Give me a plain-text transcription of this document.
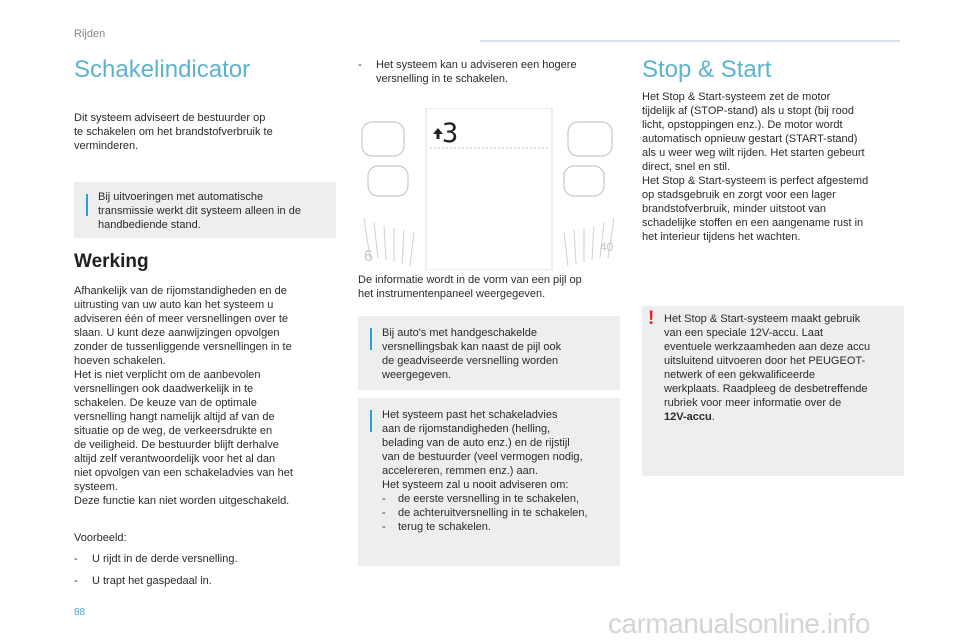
Rijden
Schakelindicator
Dit systeem adviseert de bestuurder op
te schakelen om het brandstofverbruik te
verminderen.
Bij uitvoeringen met automatische
transmissie werkt dit systeem alleen in de
handbediende stand.
Werking
Afhankelijk van de rijomstandigheden en de
uitrusting van uw auto kan het systeem u
adviseren één of meer versnellingen over te
slaan. U kunt deze aanwijzingen opvolgen
zonder de tussenliggende versnellingen in te
hoeven schakelen.
Het is niet verplicht om de aanbevolen
versnellingen ook daadwerkelijk in te
schakelen. De keuze van de optimale
versnelling hangt namelijk altijd af van de
situatie op de weg, de verkeersdrukte en
de veiligheid. De bestuurder blijft derhalve
altijd zelf verantwoordelijk voor het al dan
niet opvolgen van een schakeladvies van het
systeem.
Deze functie kan niet worden uitgeschakeld.
Voorbeeld:
- U rijdt in de derde versnelling.
- U trapt het gaspedaal in.
- Het systeem kan u adviseren een hogere
versnelling in te schakelen.
3
6
40
De informatie wordt in de vorm van een pijl op
het instrumentenpaneel weergegeven.
Bij auto's met handgeschakelde
versnellingsbak kan naast de pijl ook
de geadviseerde versnelling worden
weergegeven.
Het systeem past het schakeladvies
aan de rijomstandigheden (helling,
belading van de auto enz.) en de rijstijl
van de bestuurder (veel vermogen nodig,
accelereren, remmen enz.) aan.
Het systeem zal u nooit adviseren om:
- de eerste versnelling in te schakelen,
- de achteruitversnelling in te schakelen,
- terug te schakelen.
Stop & Start
Het Stop & Start-systeem zet de motor
tijdelijk af (STOP-stand) als u stopt (bij rood
licht, opstoppingen enz.). De motor wordt
automatisch opnieuw gestart (START-stand)
als u weer weg wilt rijden. Het starten gebeurt
direct, snel en stil.
Het Stop & Start-systeem is perfect afgestemd
op stadsgebruik en zorgt voor een lager
brandstofverbruik, minder uitstoot van
schadelijke stoffen en een aangename rust in
het interieur tijdens het wachten.
! Het Stop & Start-systeem maakt gebruik
van een speciale 12V-accu. Laat
eventuele werkzaamheden aan deze accu
uitsluitend uitvoeren door het PEUGEOT-
netwerk of een gekwalificeerde
werkplaats. Raadpleeg de desbetreffende
rubriek voor meer informatie over de
12V-accu.
88	carmanualsonline.info
